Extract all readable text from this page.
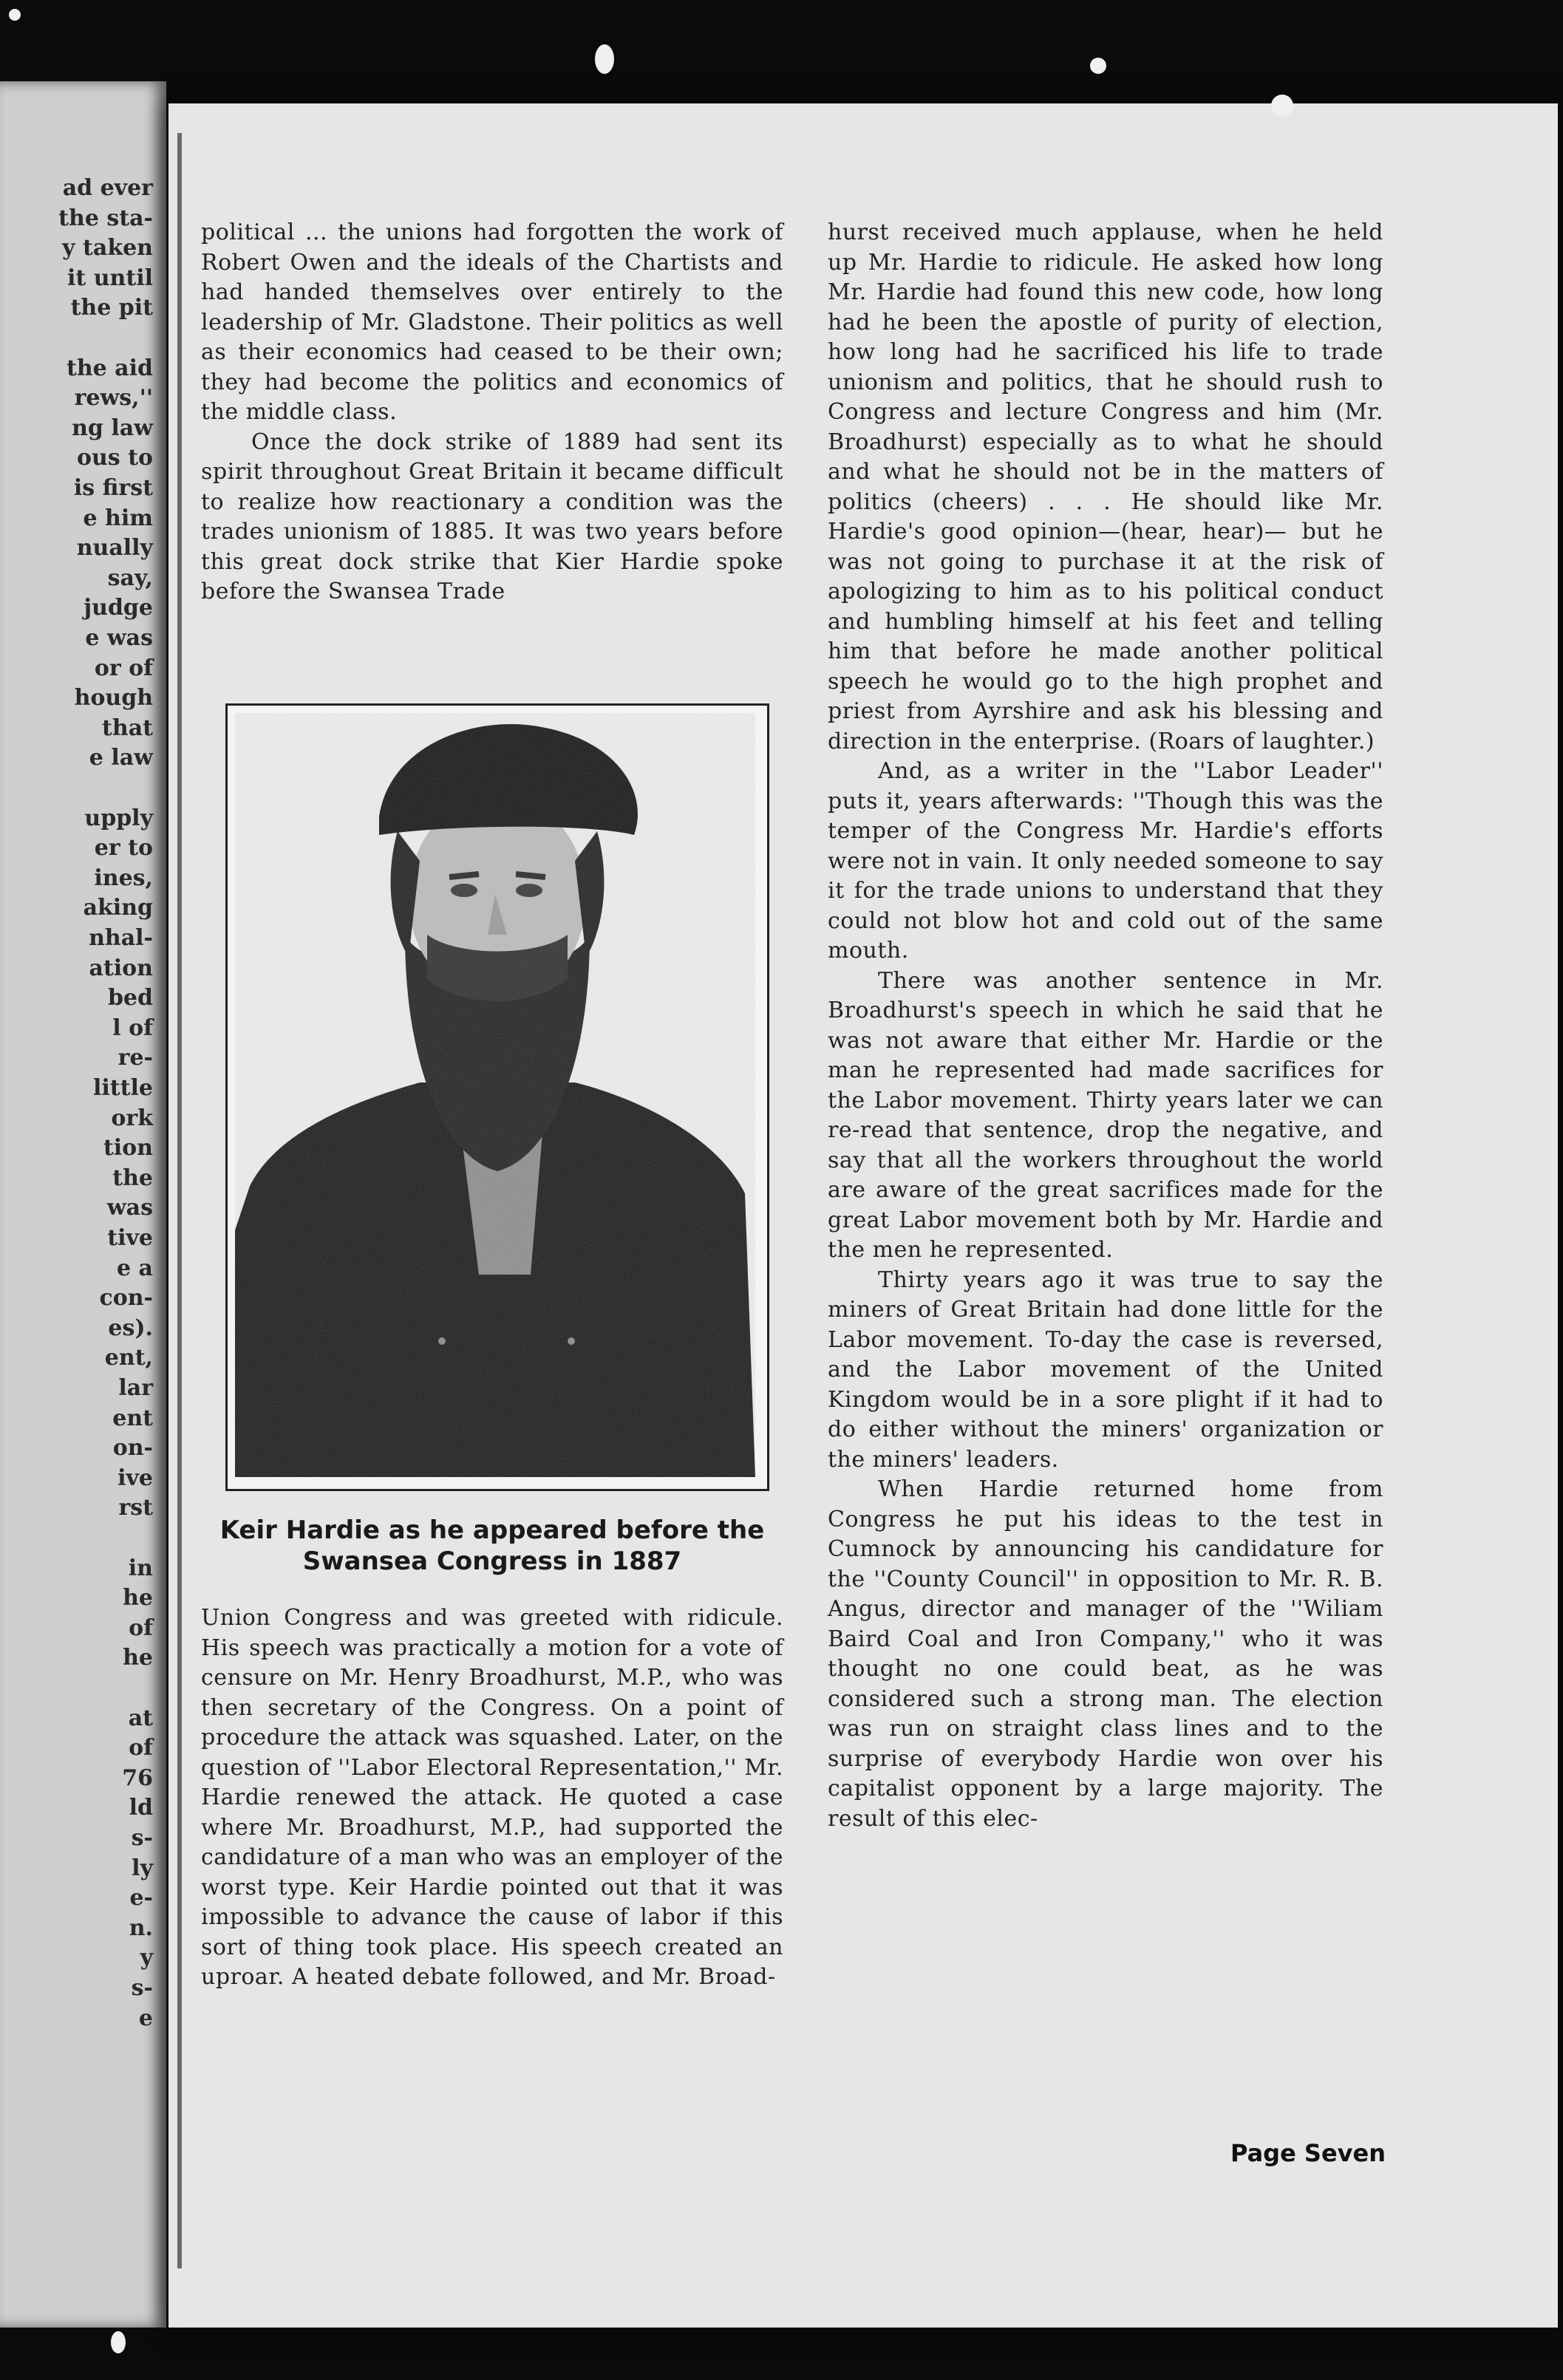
ad ever
the sta-
y taken
it until
the pit
the aid
rews,''
ng law
ous to
is first
e him
nually
say,
judge
e was
or of
hough
that
e law
upply
er to
ines,
aking
nhal-
ation
bed
l of
re-
little
ork
tion
the
was
tive
e a
con-
es).
ent,
lar
ent
on-
ive
rst
in
he
of
he
at
of
76
ld
s-
ly
e-
n.
y
s-
e

political ... the unions had forgotten the work of Robert Owen and the ideals of the Chartists and had handed themselves over entirely to the leadership of Mr. Gladstone. Their politics as well as their economics had ceased to be their own; they had become the politics and economics of the middle class.

Once the dock strike of 1889 had sent its spirit throughout Great Britain it became difficult to realize how reactionary a condition was the trades unionism of 1885. It was two years before this great dock strike that Kier Hardie spoke before the Swansea Trade

Keir Hardie as he appeared before the Swansea Congress in 1887

Union Congress and was greeted with ridicule. His speech was practically a motion for a vote of censure on Mr. Henry Broadhurst, M.P., who was then secretary of the Congress. On a point of procedure the attack was squashed. Later, on the question of ''Labor Electoral Representation,'' Mr. Hardie renewed the attack. He quoted a case where Mr. Broadhurst, M.P., had supported the candidature of a man who was an employer of the worst type. Keir Hardie pointed out that it was impossible to advance the cause of labor if this sort of thing took place. His speech created an uproar. A heated debate followed, and Mr. Broad-

hurst received much applause, when he held up Mr. Hardie to ridicule. He asked how long Mr. Hardie had found this new code, how long had he been the apostle of purity of election, how long had he sacrificed his life to trade unionism and politics, that he should rush to Congress and lecture Congress and him (Mr. Broadhurst) especially as to what he should and what he should not be in the matters of politics (cheers) . . . He should like Mr. Hardie's good opinion—(hear, hear)— but he was not going to purchase it at the risk of apologizing to him as to his political conduct and humbling himself at his feet and telling him that before he made another political speech he would go to the high prophet and priest from Ayrshire and ask his blessing and direction in the enterprise. (Roars of laughter.)

And, as a writer in the ''Labor Leader'' puts it, years afterwards: ''Though this was the temper of the Congress Mr. Hardie's efforts were not in vain. It only needed someone to say it for the trade unions to understand that they could not blow hot and cold out of the same mouth.

There was another sentence in Mr. Broadhurst's speech in which he said that he was not aware that either Mr. Hardie or the man he represented had made sacrifices for the Labor movement. Thirty years later we can re-read that sentence, drop the negative, and say that all the workers throughout the world are aware of the great sacrifices made for the great Labor movement both by Mr. Hardie and the men he represented.

Thirty years ago it was true to say the miners of Great Britain had done little for the Labor movement. To-day the case is reversed, and the Labor movement of the United Kingdom would be in a sore plight if it had to do either without the miners' organization or the miners' leaders.

When Hardie returned home from Congress he put his ideas to the test in Cumnock by announcing his candidature for the ''County Council'' in opposition to Mr. R. B. Angus, director and manager of the ''Wiliam Baird Coal and Iron Company,'' who it was thought no one could beat, as he was considered such a strong man. The election was run on straight class lines and to the surprise of everybody Hardie won over his capitalist opponent by a large majority. The result of this elec-

Page Seven
